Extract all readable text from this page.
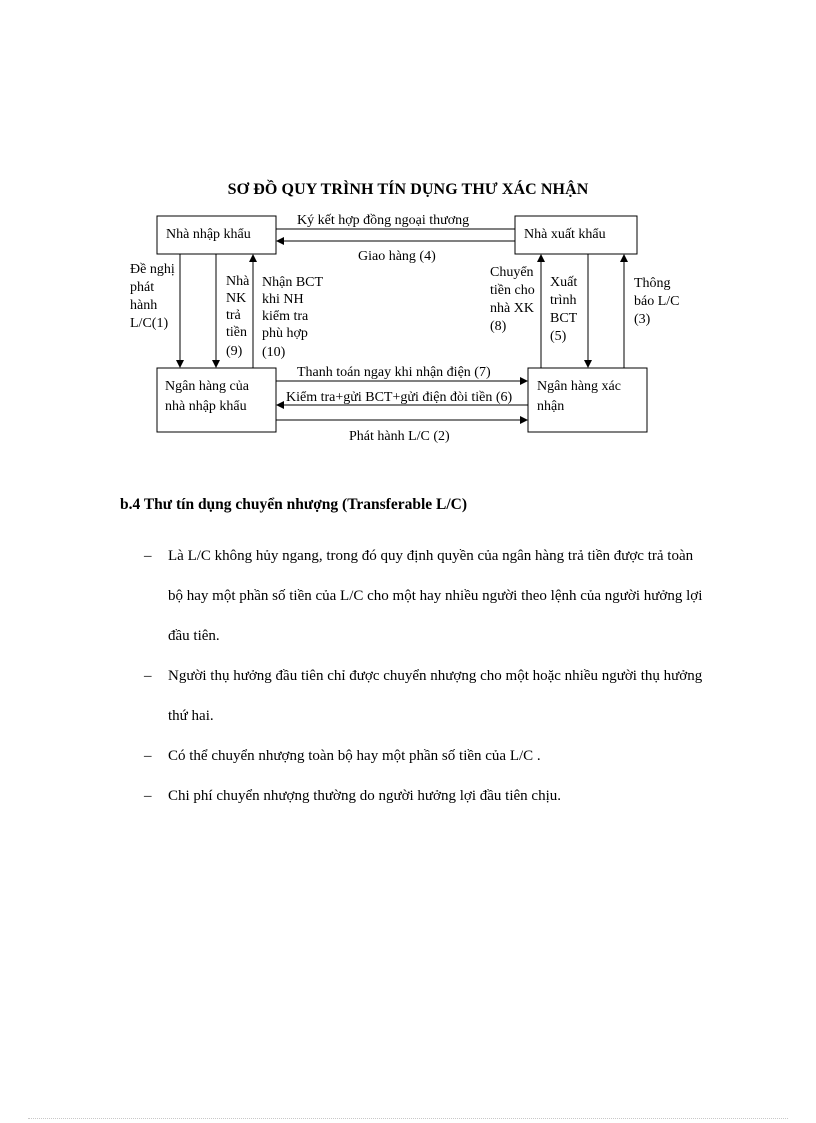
SƠ ĐỒ QUY TRÌNH TÍN DỤNG THƯ XÁC NHẬN
Nhà nhập khẩu	Nhà xuất khẩu
Ngân hàng của
nhà nhập khẩu
Ngân hàng xác
nhận
Ký kết hợp đồng ngoại thương
Giao hàng (4)
Đề nghị
phát
hành
L/C(1)
Nhà
NK
trả
tiền
(9)
Nhận BCT
khi NH
kiểm tra
phù hợp
(10)
Chuyển
tiền cho
nhà XK
(8)
Xuất
trình
BCT
(5)
Thông
báo L/C
(3)
Thanh toán ngay khi nhận điện (7)
Kiểm tra+gửi BCT+gửi điện đòi tiền (6)
Phát hành L/C (2)
b.4 Thư tín dụng chuyển nhượng (Transferable L/C)
– Là L/C không hủy ngang, trong đó quy định quyền của ngân hàng trả tiền được trả toàn bộ hay một phần số tiền của L/C cho một hay nhiều người theo lệnh của người hưởng lợi đầu tiên.
– Người thụ hưởng đầu tiên chỉ được chuyển nhượng cho một hoặc nhiều người thụ hưởng thứ hai.
– Có thể chuyển nhượng toàn bộ hay một phần số tiền của L/C .
– Chi phí chuyển nhượng thường do người hưởng lợi đầu tiên chịu.
